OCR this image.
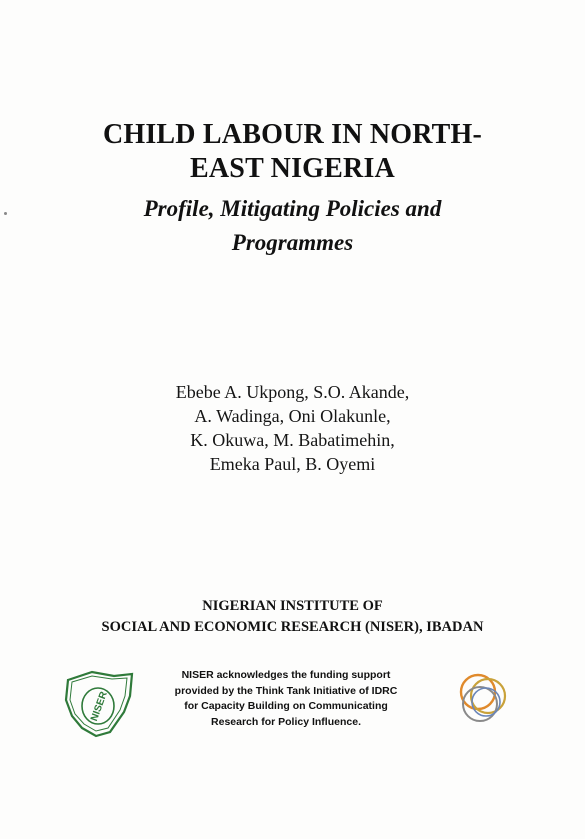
CHILD LABOUR IN NORTH-
EAST NIGERIA
Profile, Mitigating Policies and
Programmes
Ebebe A. Ukpong, S.O. Akande,
A. Wadinga, Oni Olakunle,
K. Okuwa, M. Babatimehin,
Emeka Paul, B. Oyemi
NIGERIAN INSTITUTE OF
SOCIAL AND ECONOMIC RESEARCH (NISER), IBADAN
NISER
NISER acknowledges the funding support
provided by the Think Tank Initiative of IDRC
for Capacity Building on Communicating
Research for Policy Influence.
